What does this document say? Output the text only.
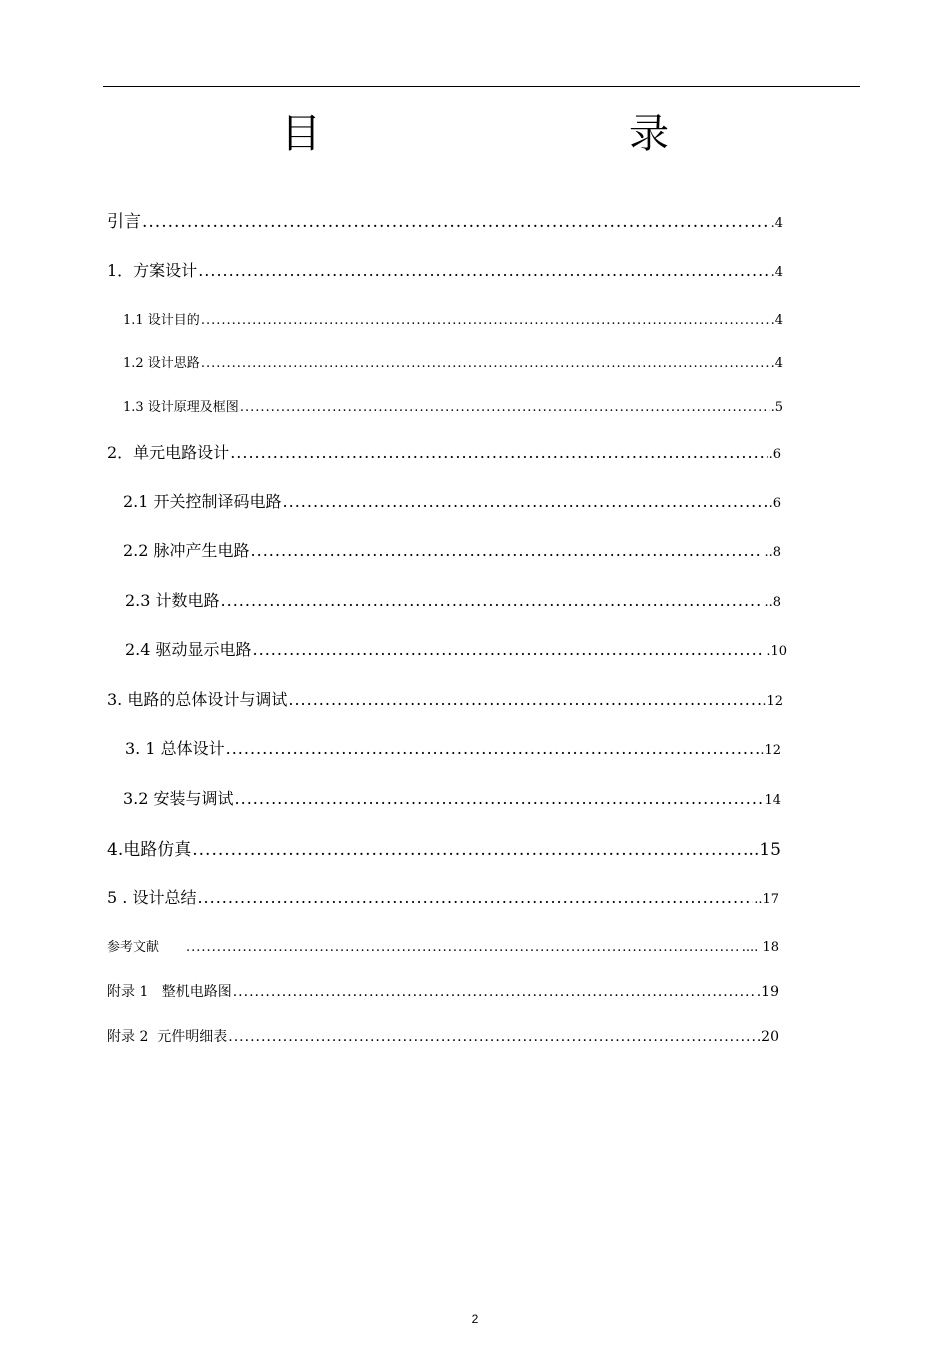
目　　录
引言 .....	.4
1．方案设计 .....	.4
1.1 设计目的 .....	.4
1.2 设计思路 .....	.4
1.3 设计原理及框图 .....	.5
2．单元电路设计 .....	.6
2.1 开关控制译码电路 .....	.6
2.2 脉冲产生电路 .....	..8
2.3 计数电路 .....	..8
2.4 驱动显示电路 .....	.10
3. 电路的总体设计与调试 .....	.12
3. 1 总体设计 .....	.12
3.2 安装与调试 .....	14
4.电路仿真 .....	..15
5 . 设计总结 .....	..17
参考文献 .....	.... 18
附录 1   整机电路图 .....	.19
附录 2  元件明细表 .....	20
2
